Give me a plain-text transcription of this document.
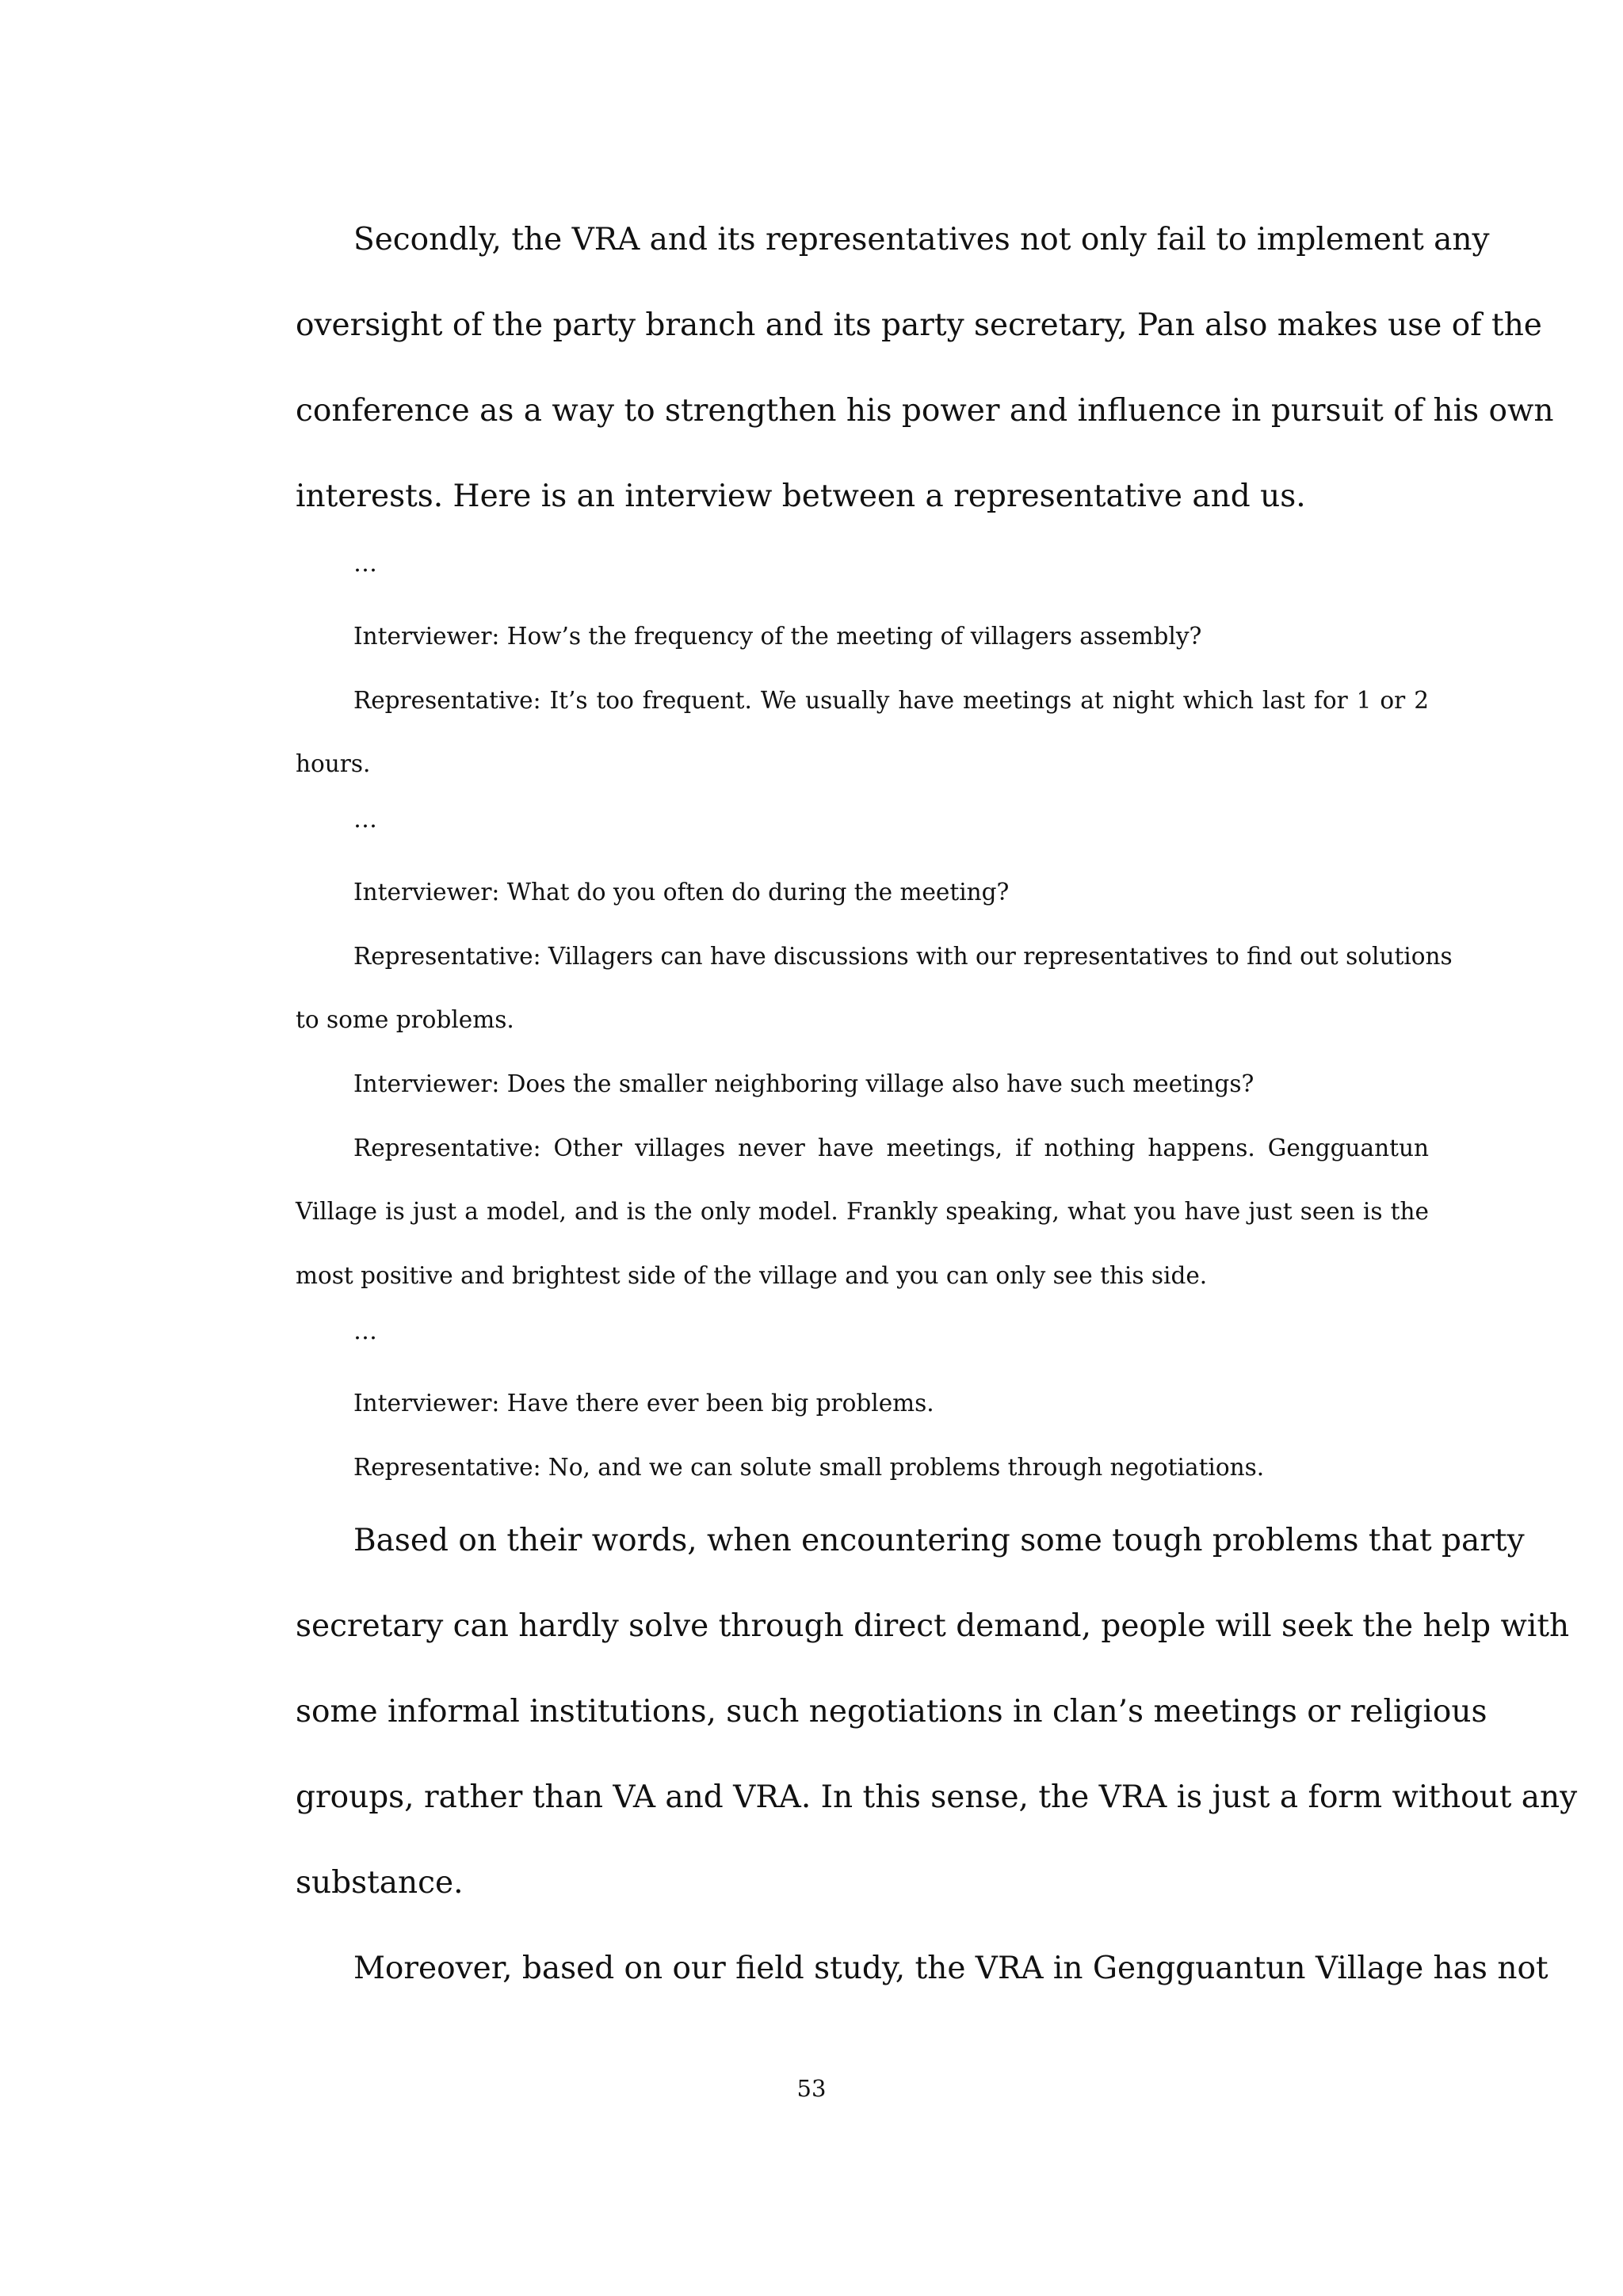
Secondly, the VRA and its representatives not only fail to implement any
oversight of the party branch and its party secretary, Pan also makes use of the
conference as a way to strengthen his power and influence in pursuit of his own
interests. Here is an interview between a representative and us.
…
Interviewer: How’s the frequency of the meeting of villagers assembly?
Representative: It’s too frequent. We usually have meetings at night which last for 1 or 2
hours.
…
Interviewer: What do you often do during the meeting?
Representative: Villagers can have discussions with our representatives to find out solutions
to some problems.
Interviewer: Does the smaller neighboring village also have such meetings?
Representative: Other villages never have meetings, if nothing happens. Gengguantun
Village is just a model, and is the only model. Frankly speaking, what you have just seen is the
most positive and brightest side of the village and you can only see this side.
…
Interviewer: Have there ever been big problems.
Representative: No, and we can solute small problems through negotiations.
Based on their words, when encountering some tough problems that party
secretary can hardly solve through direct demand, people will seek the help with
some informal institutions, such negotiations in clan’s meetings or religious
groups, rather than VA and VRA. In this sense, the VRA is just a form without any
substance.
Moreover, based on our field study, the VRA in Gengguantun Village has not
53
